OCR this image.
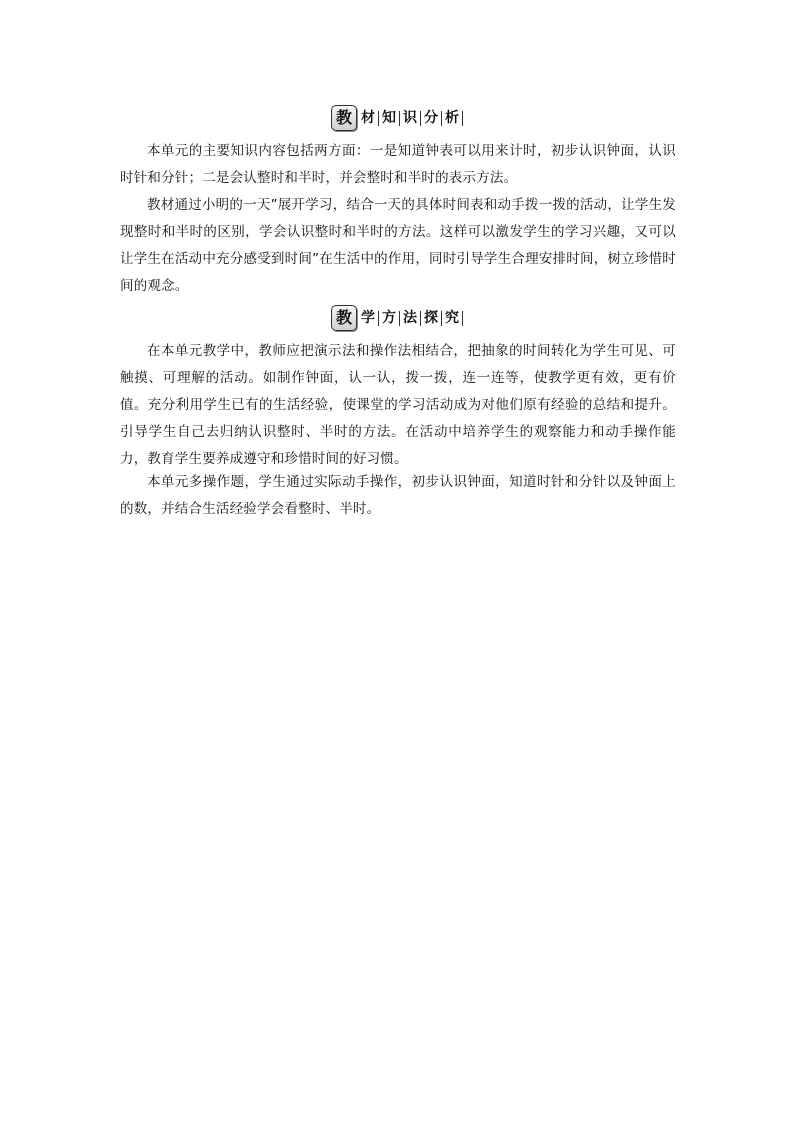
教 材 知 识 分 析

本单元的主要知识内容包括两方面：一是知道钟表可以用来计时，初步认识钟面，认识时针和分针；二是会认整时和半时，并会整时和半时的表示方法。

教材通过小明的一天”展开学习，结合一天的具体时间表和动手拨一拨的活动，让学生发现整时和半时的区别，学会认识整时和半时的方法。这样可以激发学生的学习兴趣，又可以让学生在活动中充分感受到时间”在生活中的作用，同时引导学生合理安排时间，树立珍惜时间的观念。

教 学 方 法 探 究

在本单元教学中，教师应把演示法和操作法相结合，把抽象的时间转化为学生可见、可触摸、可理解的活动。如制作钟面，认一认，拨一拨，连一连等，使教学更有效，更有价值。充分利用学生已有的生活经验，使课堂的学习活动成为对他们原有经验的总结和提升。引导学生自己去归纳认识整时、半时的方法。在活动中培养学生的观察能力和动手操作能力，教育学生要养成遵守和珍惜时间的好习惯。

本单元多操作题，学生通过实际动手操作，初步认识钟面，知道时针和分针以及钟面上的数，并结合生活经验学会看整时、半时。
